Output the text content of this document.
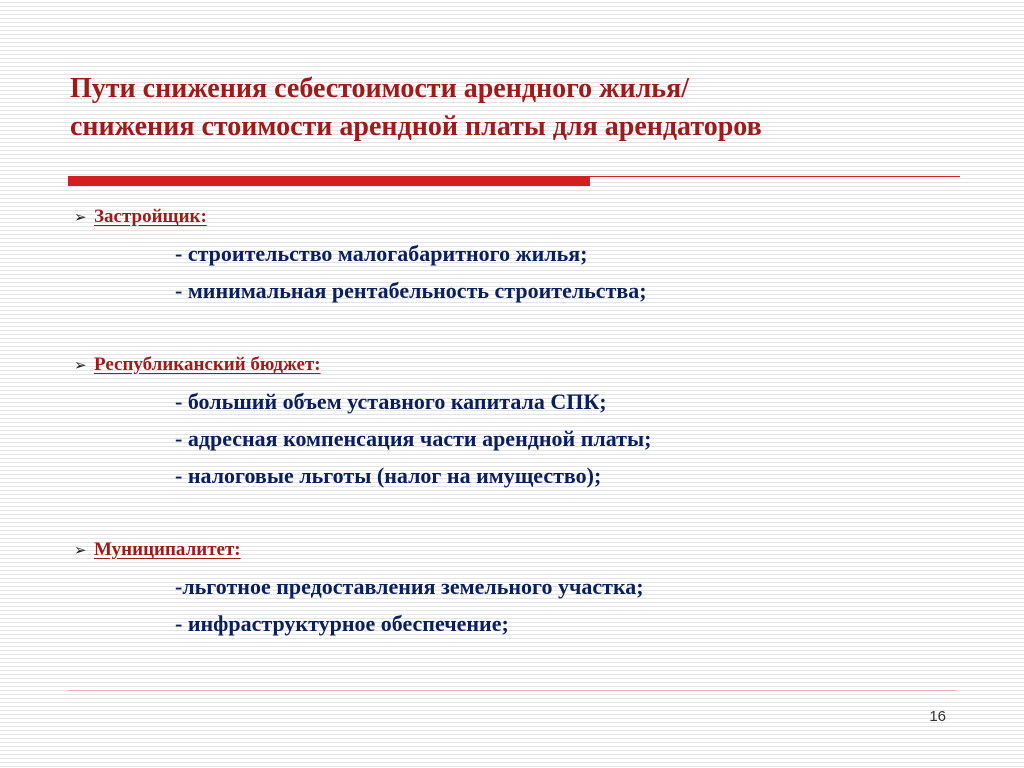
Пути снижения себестоимости арендного жилья/
снижения стоимости арендной платы для арендаторов
➢ Застройщик:
- строительство малогабаритного жилья;
- минимальная рентабельность строительства;
➢ Республиканский бюджет:
- больший объем уставного капитала СПК;
- адресная компенсация части арендной платы;
- налоговые льготы (налог на имущество);
➢ Муниципалитет:
-льготное предоставления земельного участка;
- инфраструктурное обеспечение;
16
